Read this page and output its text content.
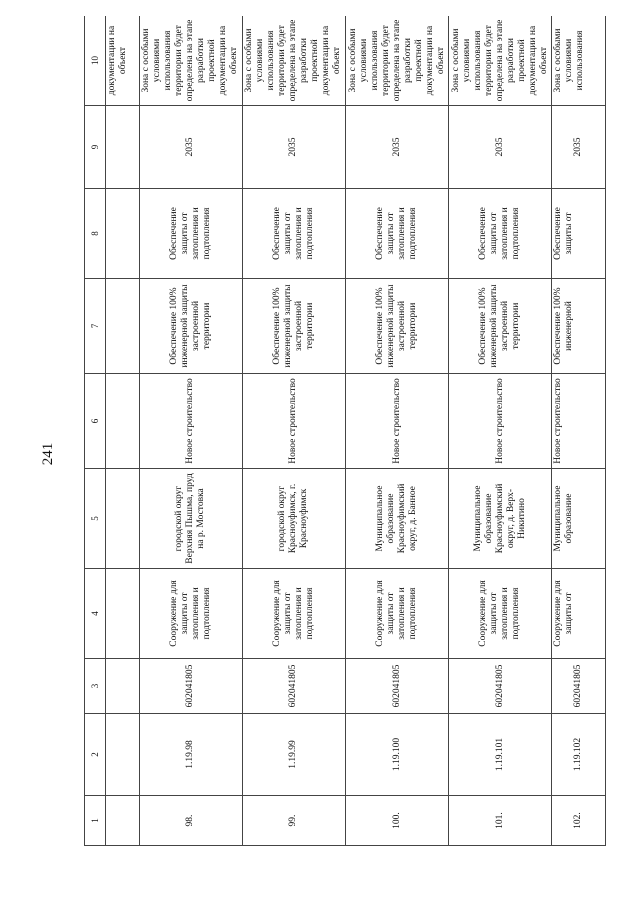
241
1	2	3	4	5	6	7	8	9	10
									документации на объект
98.	1.19.98	602041805	Сооружение для защиты от затопления и подтопления	городской округ Верхняя Пышма, пруд на р. Мостовка	Новое строительство	Обеспечение 100% инженерной защиты застроенной территории	Обеспечение защиты от затопления и подтопления	2035	Зона с особыми условиями использования территории будет определена на этапе разработки проектной документации на объект
99.	1.19.99	602041805	Сооружение для защиты от затопления и подтопления	городской округ Красноуфимск, г. Красноуфимск	Новое строительство	Обеспечение 100% инженерной защиты застроенной территории	Обеспечение защиты от затопления и подтопления	2035	Зона с особыми условиями использования территории будет определена на этапе разработки проектной документации на объект
100.	1.19.100	602041805	Сооружение для защиты от затопления и подтопления	Муниципальное образование Красноуфимский округ, д. Банное	Новое строительство	Обеспечение 100% инженерной защиты застроенной территории	Обеспечение защиты от затопления и подтопления	2035	Зона с особыми условиями использования территории будет определена на этапе разработки проектной документации на объект
101.	1.19.101	602041805	Сооружение для защиты от затопления и подтопления	Муниципальное образование Красноуфимский округ, д. Верх-Никитино	Новое строительство	Обеспечение 100% инженерной защиты застроенной территории	Обеспечение защиты от затопления и подтопления	2035	Зона с особыми условиями использования территории будет определена на этапе разработки проектной документации на объект
102.	1.19.102	602041805	Сооружение для защиты от	Муниципальное образование	Новое строительство	Обеспечение 100% инженерной	Обеспечение защиты от	2035	Зона с особыми условиями использования
